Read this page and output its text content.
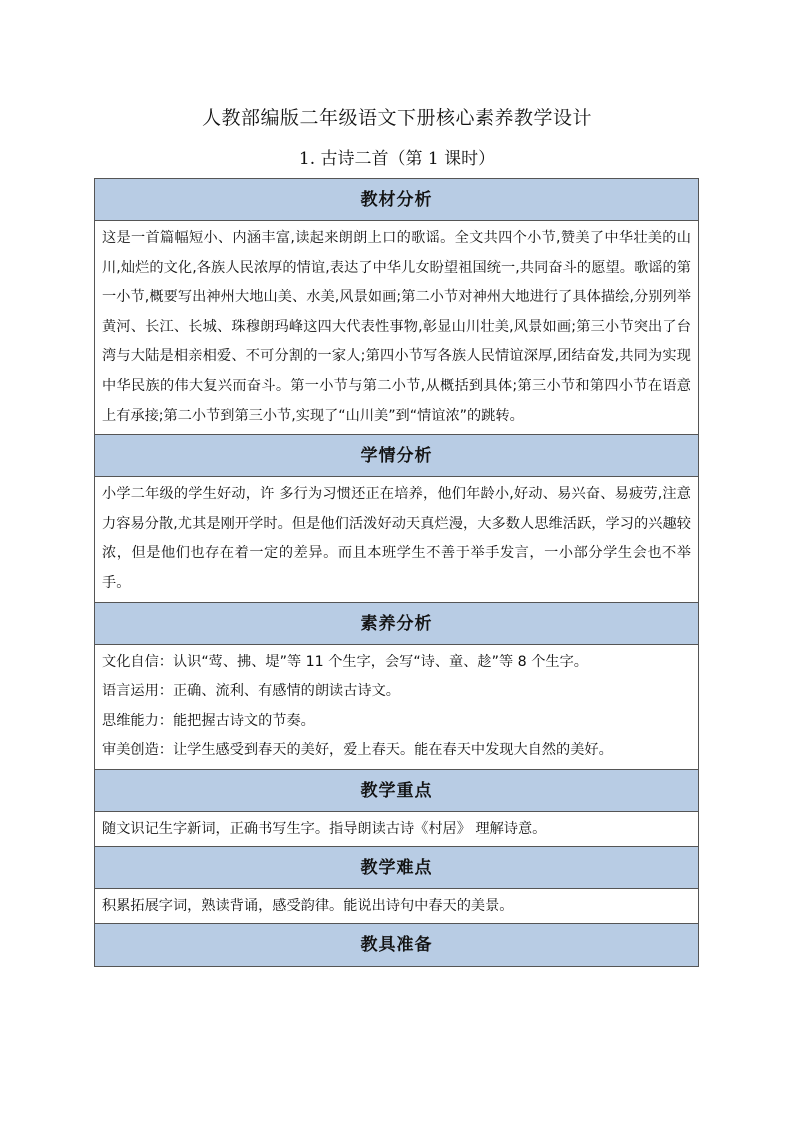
人教部编版二年级语文下册核心素养教学设计
1. 古诗二首（第 1 课时）
教材分析

这是一首篇幅短小、内涵丰富,读起来朗朗上口的歌谣。全文共四个小节,赞美了中华壮美的山川,灿烂的文化,各族人民浓厚的情谊,表达了中华儿女盼望祖国统一,共同奋斗的愿望。歌谣的第一小节,概要写出神州大地山美、水美,风景如画;第二小节对神州大地进行了具体描绘,分别列举黄河、长江、长城、珠穆朗玛峰这四大代表性事物,彰显山川壮美,风景如画;第三小节突出了台湾与大陆是相亲相爱、不可分割的一家人;第四小节写各族人民情谊深厚,团结奋发,共同为实现中华民族的伟大复兴而奋斗。第一小节与第二小节,从概括到具体;第三小节和第四小节在语意上有承接;第二小节到第三小节,实现了“山川美”到“情谊浓”的跳转。

学情分析

小学二年级的学生好动，许 多行为习惯还正在培养，他们年龄小,好动、易兴奋、易疲劳,注意力容易分散,尤其是刚开学时。但是他们活泼好动天真烂漫，大多数人思维活跃，学习的兴趣较浓，但是他们也存在着一定的差异。而且本班学生不善于举手发言，一小部分学生会也不举手。

素养分析

文化自信：认识“莺、拂、堤”等 11 个生字，会写“诗、童、趁”等 8 个生字。

语言运用：正确、流利、有感情的朗读古诗文。

思维能力：能把握古诗文的节奏。

审美创造：让学生感受到春天的美好，爱上春天。能在春天中发现大自然的美好。

教学重点

随文识记生字新词，正确书写生字。指导朗读古诗《村居》 理解诗意。

教学难点

积累拓展字词，熟读背诵，感受韵律。能说出诗句中春天的美景。

教具准备
